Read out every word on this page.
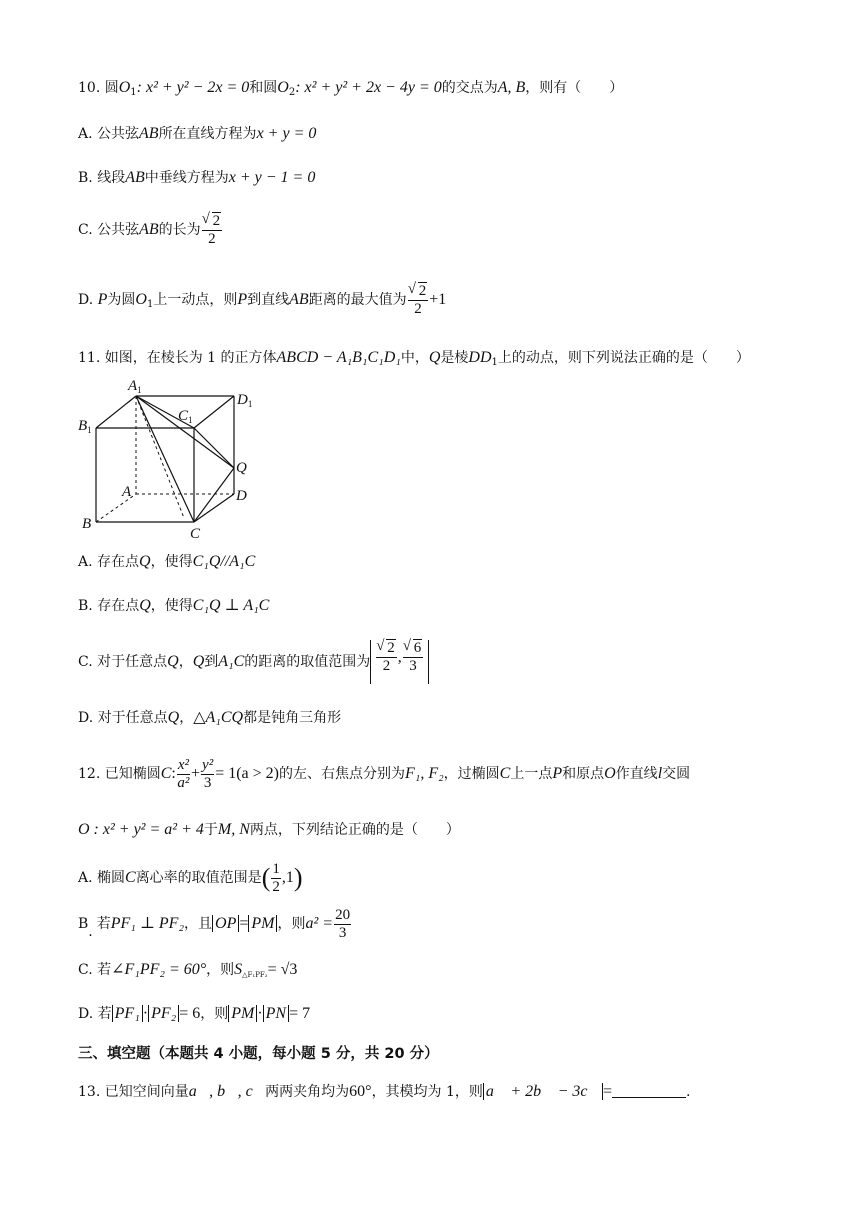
10. 圆$O_1$: x² + y² − 2x = 0和圆$O_2$: x² + y² + 2x − 4y = 0的交点为A, B，则有（　　）
A. 公共弦AB所在直线方程为x + y = 0
B. 线段AB中垂线方程为x + y − 1 = 0
C. 公共弦AB的长为 √ $\frac{2}{2}$
D. P为圆$O_1$上一动点，则P到直线AB距离的最大值为 √ $\frac{2}{2} +1$
11. 如图，在棱长为 1 的正方体ABCD − A₁B₁C₁D₁中，Q是棱$DD_1$上的动点，则下列说法正确的是（　　）
$A_1$
$B_1$
$C_1$
$D_1$
Q
A	D
B
C
A. 存在点Q，使得C₁Q//A₁C
B. 存在点Q，使得C₁Q ⊥ A₁C
C. 对于任意点Q，Q到A₁C的距离的取值范围为 √ $\frac{2}{2}$ , √ $\frac{6}{3}$
D. 对于任意点Q，△A₁CQ都是钝角三角形
12. 已知椭圆C: $\frac{\text{x²}}{\text{a²}} + \frac{\text{y²}}{3} = 1(a > 2)$的左、右焦点分别为F₁, F₂，过椭圆C上一点P和原点O作直线l交圆
O : x² + y² = a² + 4于M, N两点，下列结论正确的是（　　）
A. 椭圆C离心率的取值范围是( $\frac{1}{2} ,1$)
B. 若PF₁ ⊥ PF₂，且 OP = PM ，则$a^2 = \frac{20}{3}$
C. 若∠F₁PF₂ = 60°，则$S_{\triangle F_1PF_2}= √3$
D. 若 PF₁ · PF₂ = 6，则 PM · PN = 7
三、填空题（本题共 4 小题，每小题 5 分，共 20 分）
13. 已知空间向量a⃗, b⃗, c⃗两两夹角均为60°，其模均为 1，则 a⃗ + 2b⃗ − 3c⃗ =	.
